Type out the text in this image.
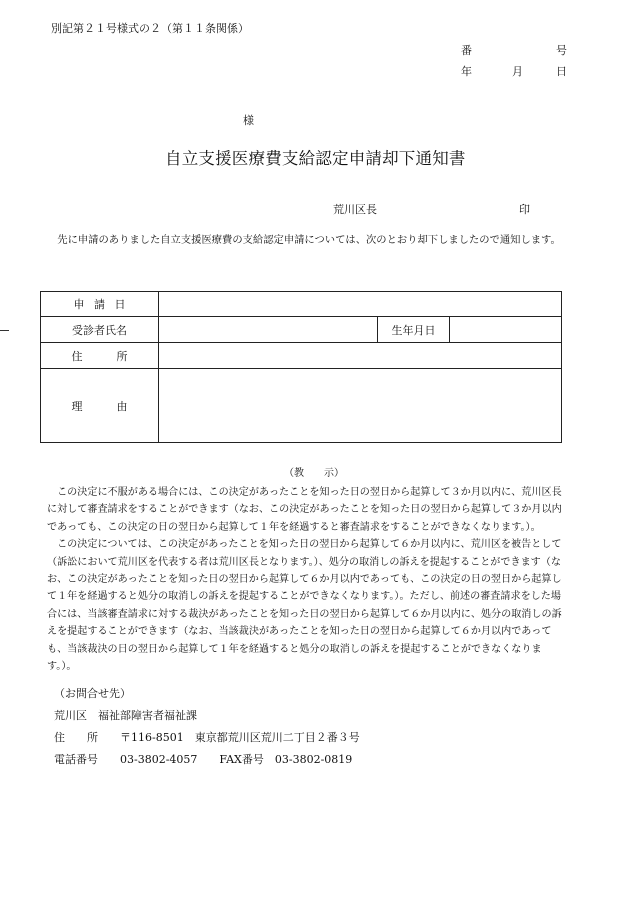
別記第２１号様式の２（第１１条関係）
番	号
年	月	日
様
自立支援医療費支給認定申請却下通知書
荒川区長	印
先に申請のありました自立支援医療費の支給認定申請については、次のとおり却下しましたので通知します。
申 請 日			

受診者氏名		生年月日	

住 所			

理 由			

（教　　示）

この決定に不服がある場合には、この決定があったことを知った日の翌日から起算して３か月以内に、荒川区長に対して審査請求をすることができます（なお、この決定があったことを知った日の翌日から起算して３か月以内であっても、この決定の日の翌日から起算して１年を経過すると審査請求をすることができなくなります。）。

この決定については、この決定があったことを知った日の翌日から起算して６か月以内に、荒川区を被告として（訴訟において荒川区を代表する者は荒川区長となります。）、処分の取消しの訴えを提起することができます（なお、この決定があったことを知った日の翌日から起算して６か月以内であっても、この決定の日の翌日から起算して１年を経過すると処分の取消しの訴えを提起することができなくなります。）。ただし、前述の審査請求をした場合には、当該審査請求に対する裁決があったことを知った日の翌日から起算して６か月以内に、処分の取消しの訴えを提起することができます（なお、当該裁決があったことを知った日の翌日から起算して６か月以内であっても、当該裁決の日の翌日から起算して１年を経過すると処分の取消しの訴えを提起することができなくなります。）。

（お問合せ先）
荒川区　福祉部障害者福祉課
住　　所　　〒116-8501　東京都荒川区荒川二丁目２番３号
電話番号　　03-3802-4057　　FAX番号　03-3802-0819
